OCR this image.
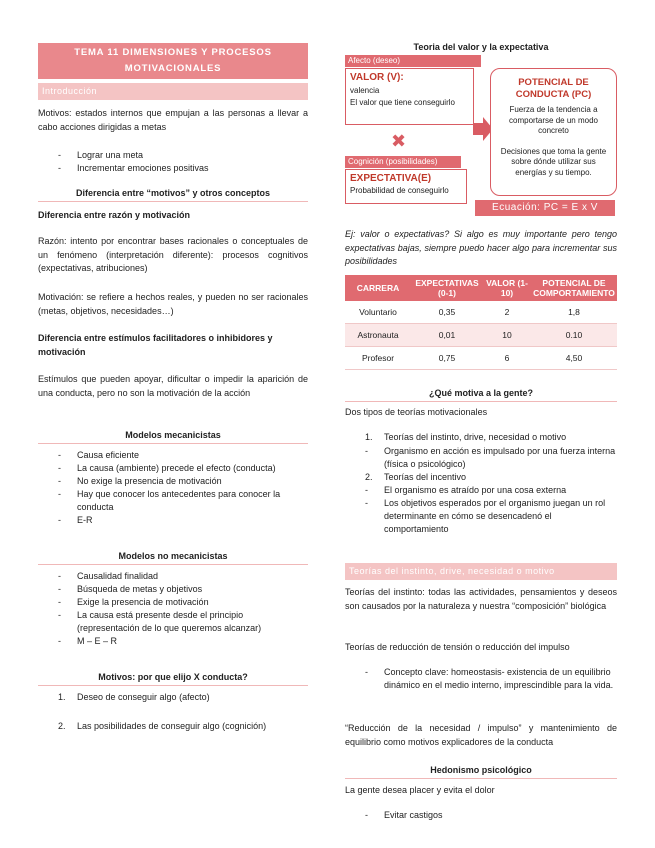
TEMA 11 DIMENSIONES Y PROCESOS MOTIVACIONALES
Introducción

Motivos: estados internos que empujan a las personas a llevar a cabo acciones dirigidas a metas

- Lograr una meta
- Incrementar emociones positivas
Diferencia entre “motivos” y otros conceptos
Diferencia entre razón y motivación

Razón: intento por encontrar bases racionales o conceptuales de un fenómeno (interpretación diferente): procesos cognitivos (expectativas, atribuciones)

Motivación: se refiere a hechos reales, y pueden no ser racionales (metas, objetivos, necesidades…)

Diferencia entre estímulos facilitadores o inhibidores y motivación

Estímulos que pueden apoyar, dificultar o impedir la aparición de una conducta, pero no son la motivación de la acción

Modelos mecanicistas
- Causa eficiente
- La causa (ambiente) precede el efecto (conducta)
- No exige la presencia de motivación
- Hay que conocer los antecedentes para conocer la conducta
- E-R
Modelos no mecanicistas
- Causalidad finalidad
- Búsqueda de metas y objetivos
- Exige la presencia de motivación
- La causa está presente desde el principio (representación de lo que queremos alcanzar)
- M – E – R
Motivos: por que elijo X conducta?
1. Deseo de conseguir algo (afecto)
2. Las posibilidades de conseguir algo (cognición)
Teoria del valor y la expectativa
Afecto (deseo)
VALOR (V):
valencia
El valor que tiene conseguirlo
✖
Cognición (posibilidades)
EXPECTATIVA(E)
Probabilidad de conseguirlo
POTENCIAL DE CONDUCTA (PC)
Fuerza de la tendencia a comportarse de un modo concreto
Decisiones que toma la gente sobre dónde utilizar sus energías y su tiempo.
Ecuación: PC = E x V

Ej: valor o expectativas? Si algo es muy importante pero tengo expectativas bajas, siempre puedo hacer algo para incrementar sus posibilidades

CARRERA	EXPECTATIVAS (0-1)	VALOR (1-10)	POTENCIAL DE COMPORTAMIENTO
Voluntario	0,35	2	1,8
Astronauta	0,01	10	0.10
Profesor	0,75	6	4,50
¿Qué motiva a la gente?

Dos tipos de teorías motivacionales

1. Teorías del instinto, drive, necesidad o motivo
- Organismo en acción es impulsado por una fuerza interna (física o psicológico)
2. Teorías del incentivo
- El organismo es atraído por una cosa externa
- Los objetivos esperados por el organismo juegan un rol determinante en cómo se desencadenó el comportamiento
Teorías del instinto, drive, necesidad o motivo

Teorías del instinto: todas las actividades, pensamientos y deseos son causados por la naturaleza y nuestra “composición” biológica

Teorías de reducción de tensión o reducción del impulso

- Concepto clave: homeostasis- existencia de un equilibrio dinámico en el medio interno, imprescindible para la vida.

“Reducción de la necesidad / impulso” y mantenimiento de equilibrio como motivos explicadores de la conducta

Hedonismo psicológico

La gente desea placer y evita el dolor

- Evitar castigos
